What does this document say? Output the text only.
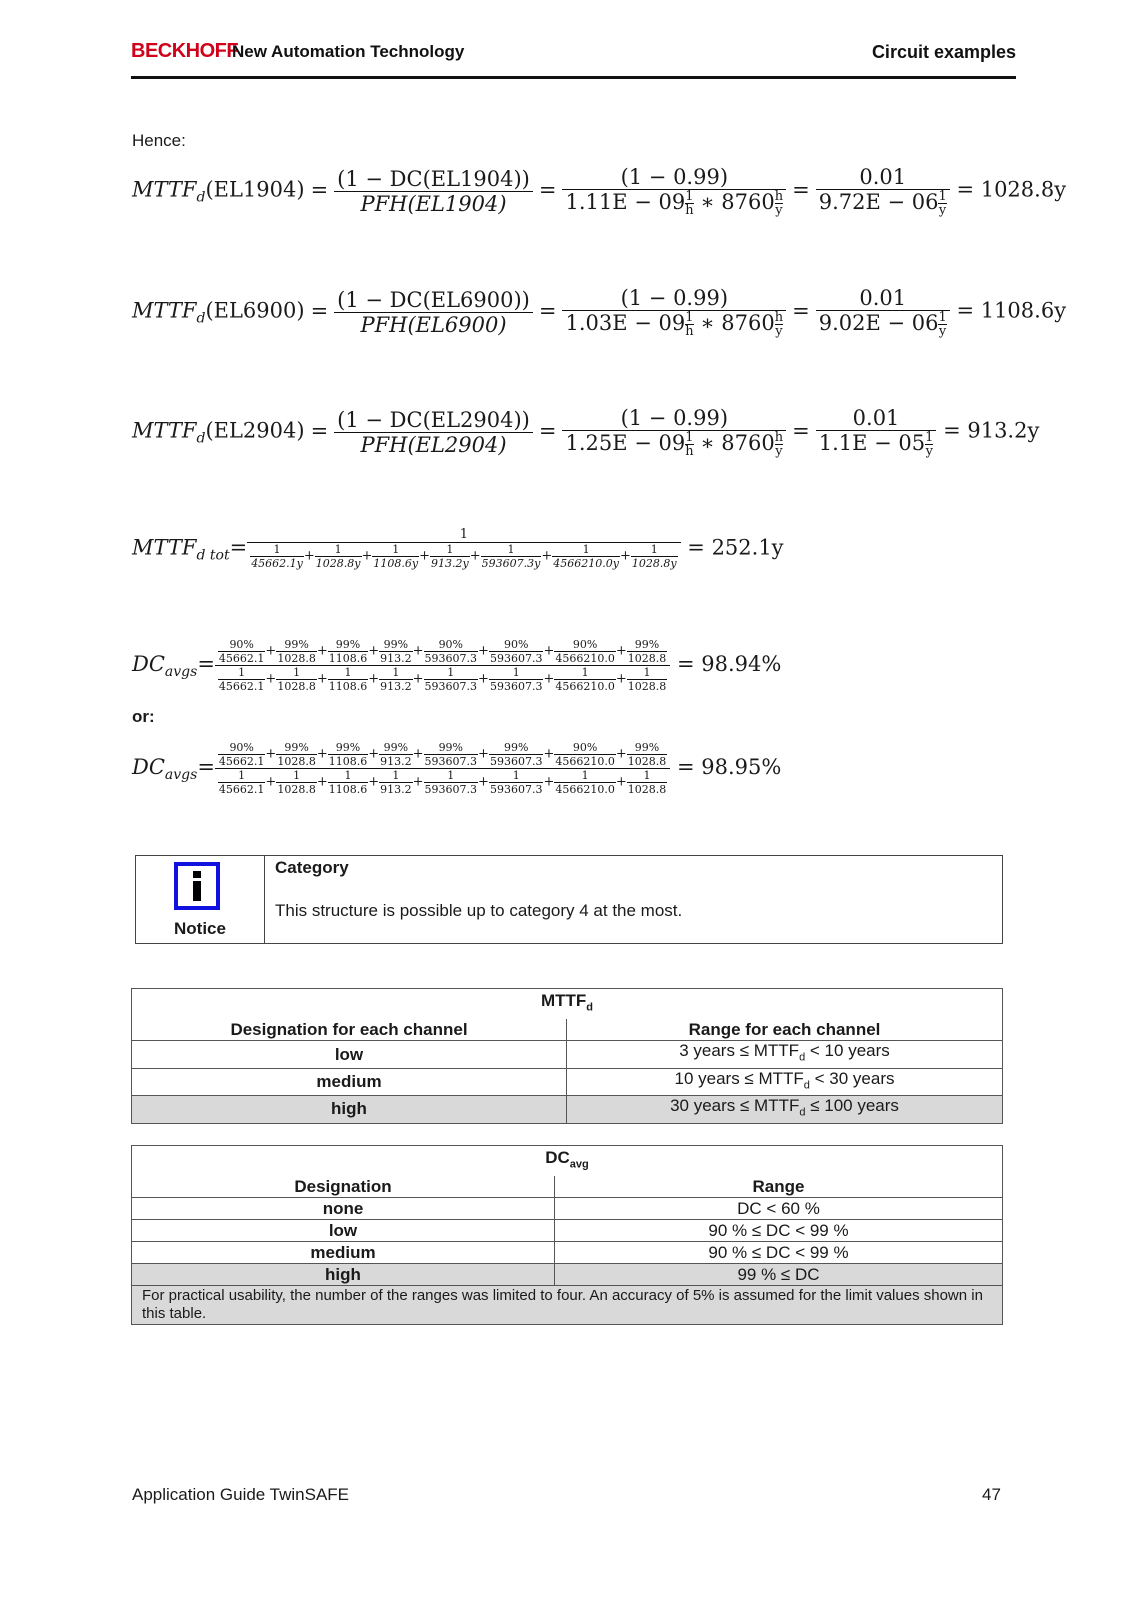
BECKHOFF
New Automation Technology	Circuit examples
Hence:
$MTTF_d(EL1904) = \frac{(1 - DC(EL1904))}{\text{PFH(EL1904)}} = \frac{(1 - 0.99)}{1.11E - 09 \frac{1}{h} ∗ 8760 \frac{h}{y}} = \frac{0.01}{9.72E - 06 \frac{1}{y}} = 1028.8y$
$MTTF_d(EL6900) = \frac{(1 - DC(EL6900))}{\text{PFH(EL6900)}} = \frac{(1 - 0.99)}{1.03E - 09 \frac{1}{h} ∗ 8760 \frac{h}{y}} = \frac{0.01}{9.02E - 06 \frac{1}{y}} = 1108.6y$
$MTTF_d(EL2904) = \frac{(1 - DC(EL2904))}{\text{PFH(EL2904)}} = \frac{(1 - 0.99)}{1.25E - 09 \frac{1}{h} ∗ 8760 \frac{h}{y}} = \frac{0.01}{1.1E - 05 \frac{1}{y}} = 913.2y$
$MTTF_{d tot}=$
1
$\frac{1}{45662.1y} + \frac{1}{1028.8y} + \frac{1}{1108.6y} + \frac{1}{913.2y} + \frac{1}{593607.3y} + \frac{1}{4566210.0y} + \frac{1}{1028.8y} = 252.1y$
$DC_{avgs}= \frac{90\%}{45662.1} + \frac{99\%}{1028.8} + \frac{99\%}{1108.6} + \frac{99\%}{913.2} + \frac{90\%}{593607.3} + \frac{90\%}{593607.3} + \frac{90\%}{4566210.0} + \frac{99\%}{1028.8}$
$\frac{1}{45662.1} + \frac{1}{1028.8} + \frac{1}{1108.6} + \frac{1}{913.2} + \frac{1}{593607.3} + \frac{1}{593607.3} + \frac{1}{4566210.0} + \frac{1}{1028.8}$
= 98.94%
or:
$DC_{avgs}= \frac{90\%}{45662.1} + \frac{99\%}{1028.8} + \frac{99\%}{1108.6} + \frac{99\%}{913.2} + \frac{99\%}{593607.3} + \frac{99\%}{593607.3} + \frac{90\%}{4566210.0} + \frac{99\%}{1028.8}$
$\frac{1}{45662.1} + \frac{1}{1028.8} + \frac{1}{1108.6} + \frac{1}{913.2} + \frac{1}{593607.3} + \frac{1}{593607.3} + \frac{1}{4566210.0} + \frac{1}{1028.8}$
= 98.95%
Notice
Category
This structure is possible up to category 4 at the most.
$MTTF_d$
Designation for each channel	Range for each channel
low	3 years ≤ $MTTF_d < 10$ years
medium	10 years ≤ $MTTF_d < 30$ years
high	30 years ≤ $MTTF_d \le 100$ years
$DC_{avg}$
Designation	Range
none	DC < 60 %
low	90 % ≤ DC < 99 %
medium	90 % ≤ DC < 99 %
high	99 % ≤ DC
For practical usability, the number of the ranges was limited to four. An accuracy of 5% is assumed for the limit values shown in this table.	
Application Guide TwinSAFE	47
